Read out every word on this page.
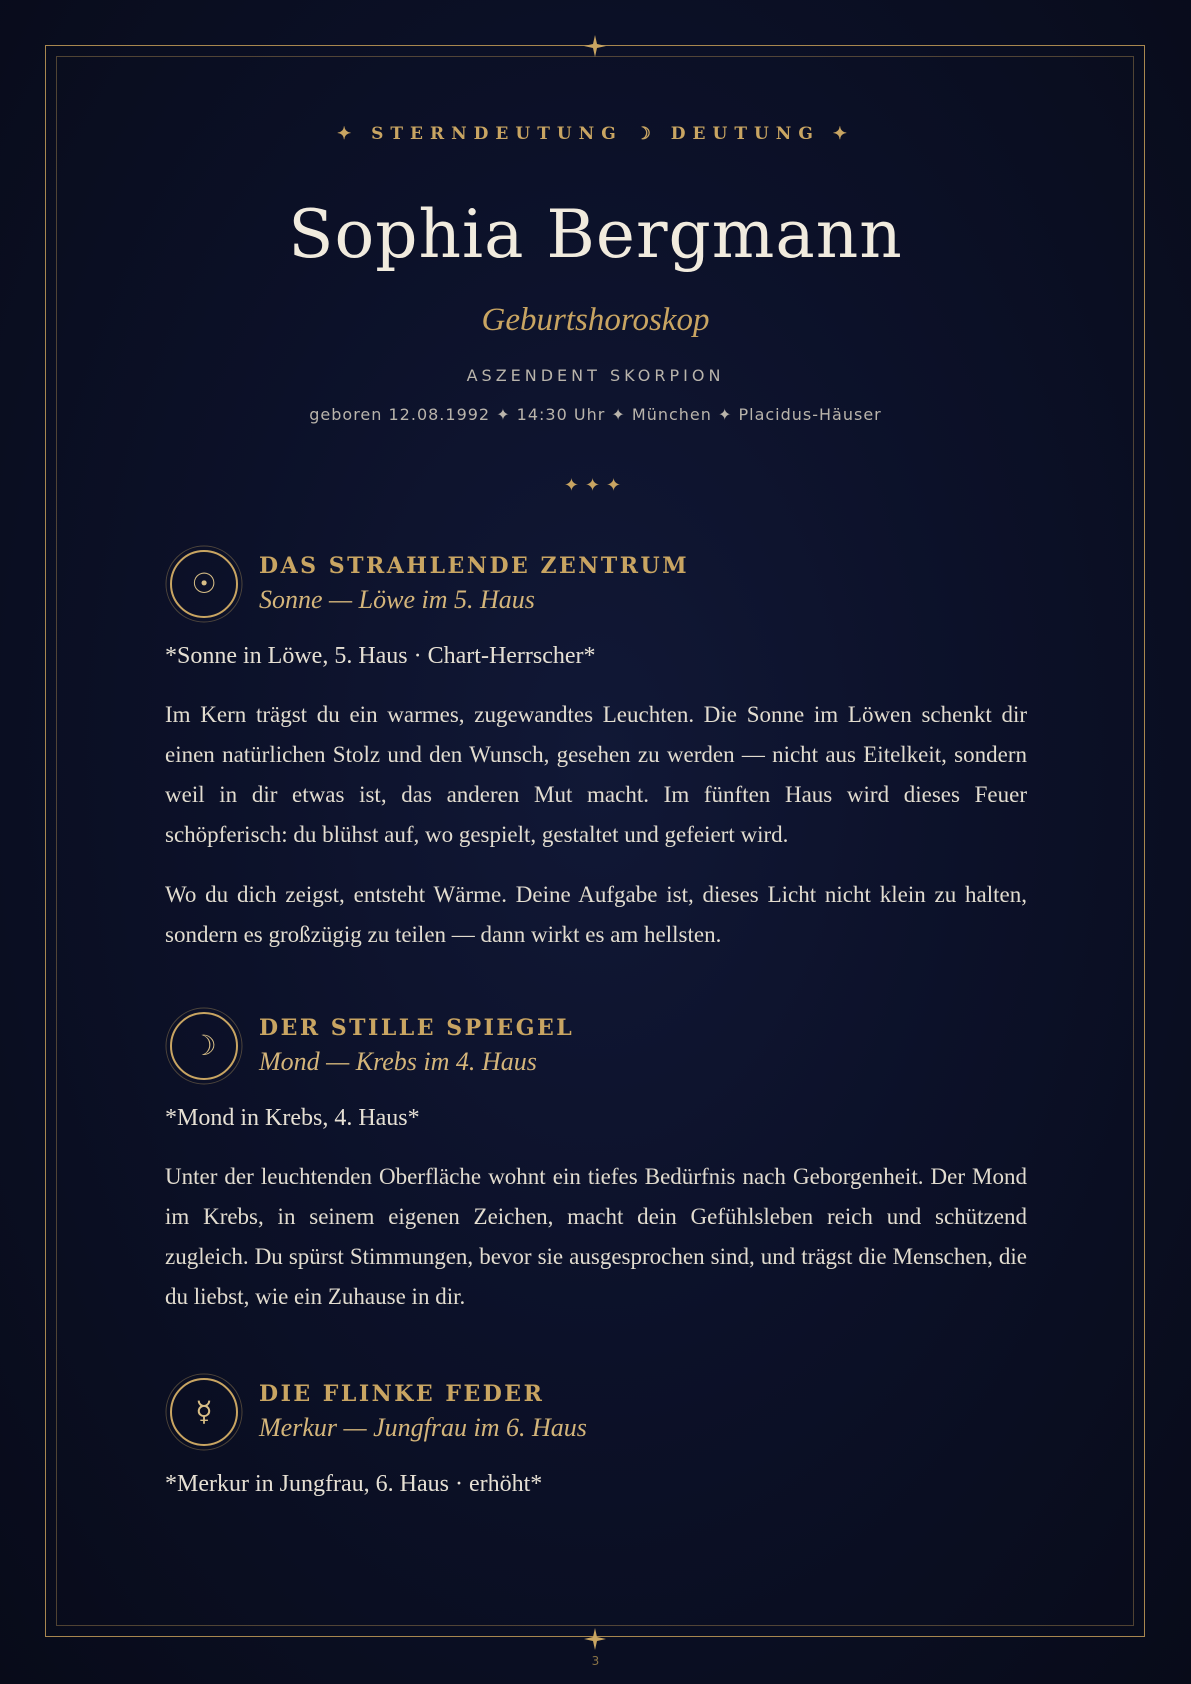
✦ STERNDEUTUNG ☽ DEUTUNG ✦
Sophia Bergmann
Geburtshoroskop
ASZENDENT SKORPION
geboren 12.08.1992 ✦ 14:30 Uhr ✦ München ✦ Placidus-Häuser
✦✦✦
☉
DAS STRAHLENDE ZENTRUM
Sonne — Löwe im 5. Haus
*Sonne in Löwe, 5. Haus · Chart-Herrscher*
Im Kern trägst du ein warmes, zugewandtes Leuchten. Die Sonne im Löwen schenkt dir einen natürlichen Stolz und den Wunsch, gesehen zu werden — nicht aus Eitelkeit, sondern weil in dir etwas ist, das anderen Mut macht. Im fünften Haus wird dieses Feuer schöpferisch: du blühst auf, wo gespielt, gestaltet und gefeiert wird.
Wo du dich zeigst, entsteht Wärme. Deine Aufgabe ist, dieses Licht nicht klein zu halten, sondern es großzügig zu teilen — dann wirkt es am hellsten.
☽
DER STILLE SPIEGEL
Mond — Krebs im 4. Haus
*Mond in Krebs, 4. Haus*
Unter der leuchtenden Oberfläche wohnt ein tiefes Bedürfnis nach Geborgenheit. Der Mond im Krebs, in seinem eigenen Zeichen, macht dein Gefühlsleben reich und schützend zugleich. Du spürst Stimmungen, bevor sie ausgesprochen sind, und trägst die Menschen, die du liebst, wie ein Zuhause in dir.
☿
DIE FLINKE FEDER
Merkur — Jungfrau im 6. Haus
*Merkur in Jungfrau, 6. Haus · erhöht*
3
